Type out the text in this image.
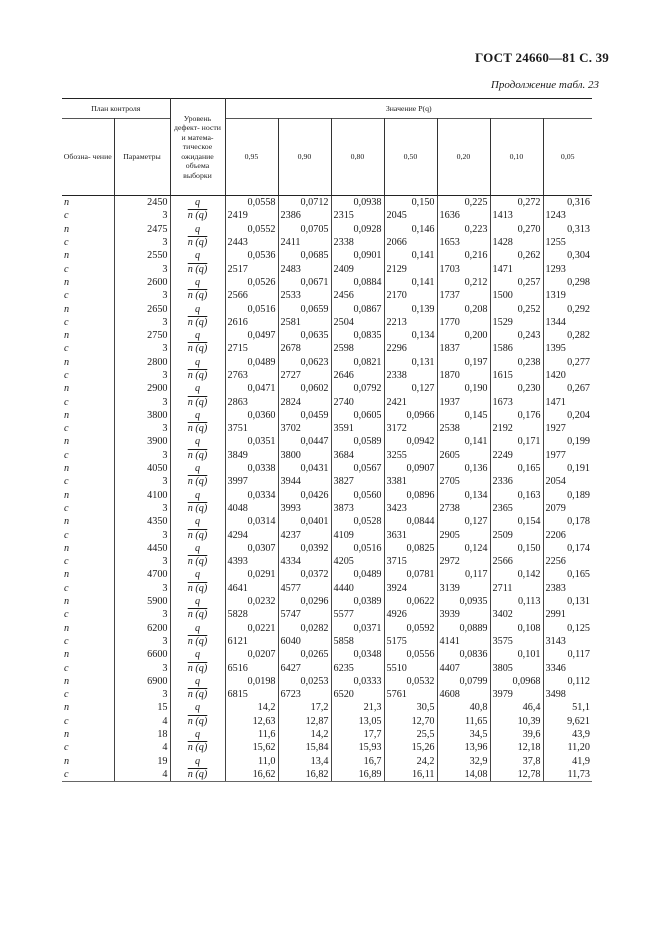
ГОСТ 24660—81 С. 39
Продолжение табл. 23
План контроля		Уровень дефект- ности и матема- тическое ожидание объема выборки	Значение P(q)						
Обозна- чение	Параметры		0,95	0,90	0,80	0,50	0,20	0,10	0,05
n	2450	q	0,0558	0,0712	0,0938	0,150	0,225	0,272	0,316
c	3	n (q)	2419	2386	2315	2045	1636	1413	1243
n	2475	q	0,0552	0,0705	0,0928	0,146	0,223	0,270	0,313
c	3	n (q)	2443	2411	2338	2066	1653	1428	1255
n	2550	q	0,0536	0,0685	0,0901	0,141	0,216	0,262	0,304
c	3	n (q)	2517	2483	2409	2129	1703	1471	1293
n	2600	q	0,0526	0,0671	0,0884	0,141	0,212	0,257	0,298
c	3	n (q)	2566	2533	2456	2170	1737	1500	1319
n	2650	q	0,0516	0,0659	0,0867	0,139	0,208	0,252	0,292
c	3	n (q)	2616	2581	2504	2213	1770	1529	1344
n	2750	q	0,0497	0,0635	0,0835	0,134	0,200	0,243	0,282
c	3	n (q)	2715	2678	2598	2296	1837	1586	1395
n	2800	q	0,0489	0,0623	0,0821	0,131	0,197	0,238	0,277
c	3	n (q)	2763	2727	2646	2338	1870	1615	1420
n	2900	q	0,0471	0,0602	0,0792	0,127	0,190	0,230	0,267
c	3	n (q)	2863	2824	2740	2421	1937	1673	1471
n	3800	q	0,0360	0,0459	0,0605	0,0966	0,145	0,176	0,204
c	3	n (q)	3751	3702	3591	3172	2538	2192	1927
n	3900	q	0,0351	0,0447	0,0589	0,0942	0,141	0,171	0,199
c	3	n (q)	3849	3800	3684	3255	2605	2249	1977
n	4050	q	0,0338	0,0431	0,0567	0,0907	0,136	0,165	0,191
c	3	n (q)	3997	3944	3827	3381	2705	2336	2054
n	4100	q	0,0334	0,0426	0,0560	0,0896	0,134	0,163	0,189
c	3	n (q)	4048	3993	3873	3423	2738	2365	2079
n	4350	q	0,0314	0,0401	0,0528	0,0844	0,127	0,154	0,178
c	3	n (q)	4294	4237	4109	3631	2905	2509	2206
n	4450	q	0,0307	0,0392	0,0516	0,0825	0,124	0,150	0,174
c	3	n (q)	4393	4334	4205	3715	2972	2566	2256
n	4700	q	0,0291	0,0372	0,0489	0,0781	0,117	0,142	0,165
c	3	n (q)	4641	4577	4440	3924	3139	2711	2383
n	5900	q	0,0232	0,0296	0,0389	0,0622	0,0935	0,113	0,131
c	3	n (q)	5828	5747	5577	4926	3939	3402	2991
n	6200	q	0,0221	0,0282	0,0371	0,0592	0,0889	0,108	0,125
c	3	n (q)	6121	6040	5858	5175	4141	3575	3143
n	6600	q	0,0207	0,0265	0,0348	0,0556	0,0836	0,101	0,117
c	3	n (q)	6516	6427	6235	5510	4407	3805	3346
n	6900	q	0,0198	0,0253	0,0333	0,0532	0,0799	0,0968	0,112
c	3	n (q)	6815	6723	6520	5761	4608	3979	3498
n	15	q	14,2	17,2	21,3	30,5	40,8	46,4	51,1
c	4	n (q)	12,63	12,87	13,05	12,70	11,65	10,39	9,621
n	18	q	11,6	14,2	17,7	25,5	34,5	39,6	43,9
c	4	n (q)	15,62	15,84	15,93	15,26	13,96	12,18	11,20
n	19	q	11,0	13,4	16,7	24,2	32,9	37,8	41,9
c	4	n (q)	16,62	16,82	16,89	16,11	14,08	12,78	11,73
